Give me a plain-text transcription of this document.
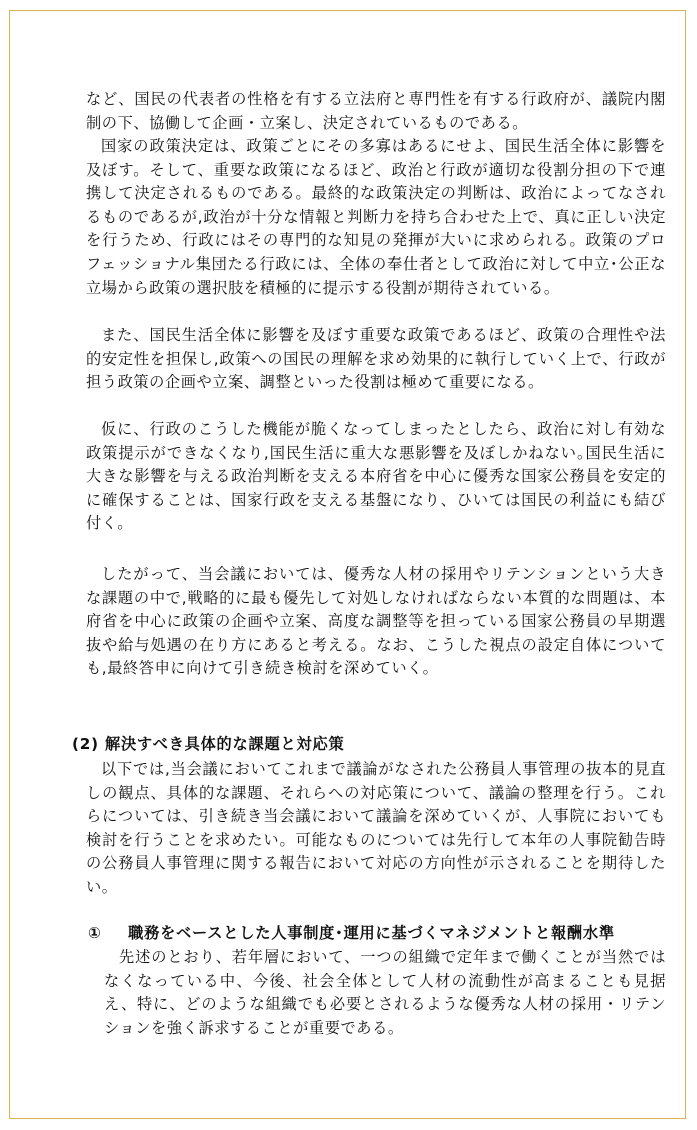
など、国民の代表者の性格を有する立法府と専門性を有する行政府が、議院内閣制の下、協働して企画・立案し、決定されているものである。

国家の政策決定は、政策ごとにその多寡はあるにせよ、国民生活全体に影響を及ぼす。そして、重要な政策になるほど、政治と行政が適切な役割分担の下で連携して決定されるものである。最終的な政策決定の判断は、政治によってなされるものであるが,政治が十分な情報と判断力を持ち合わせた上で、真に正しい決定を行うため、行政にはその専門的な知見の発揮が大いに求められる。政策のプロフェッショナル集団たる行政には、全体の奉仕者として政治に対して中立･公正な立場から政策の選択肢を積極的に提示する役割が期待されている。

また、国民生活全体に影響を及ぼす重要な政策であるほど、政策の合理性や法的安定性を担保し,政策への国民の理解を求め効果的に執行していく上で、行政が担う政策の企画や立案、調整といった役割は極めて重要になる。

仮に、行政のこうした機能が脆くなってしまったとしたら、政治に対し有効な政策提示ができなくなり,国民生活に重大な悪影響を及ぼしかねない｡国民生活に大きな影響を与える政治判断を支える本府省を中心に優秀な国家公務員を安定的に確保することは、国家行政を支える基盤になり、ひいては国民の利益にも結び付く。

したがって、当会議においては、優秀な人材の採用やリテンションという大きな課題の中で,戦略的に最も優先して対処しなければならない本質的な問題は、本府省を中心に政策の企画や立案、高度な調整等を担っている国家公務員の早期選抜や給与処遇の在り方にあると考える。なお、こうした視点の設定自体についても,最終答申に向けて引き続き検討を深めていく。

(2) 解決すべき具体的な課題と対応策

以下では,当会議においてこれまで議論がなされた公務員人事管理の抜本的見直しの観点、具体的な課題、それらへの対応策について、議論の整理を行う。これらについては、引き続き当会議において議論を深めていくが、人事院においても検討を行うことを求めたい。可能なものについては先行して本年の人事院勧告時の公務員人事管理に関する報告において対応の方向性が示されることを期待したい。

① 職務をベースとした人事制度･運用に基づくマネジメントと報酬水準

先述のとおり、若年層において、一つの組織で定年まで働くことが当然ではなくなっている中、今後、社会全体として人材の流動性が高まることも見据え、特に、どのような組織でも必要とされるような優秀な人材の採用・リテンションを強く訴求することが重要である。
